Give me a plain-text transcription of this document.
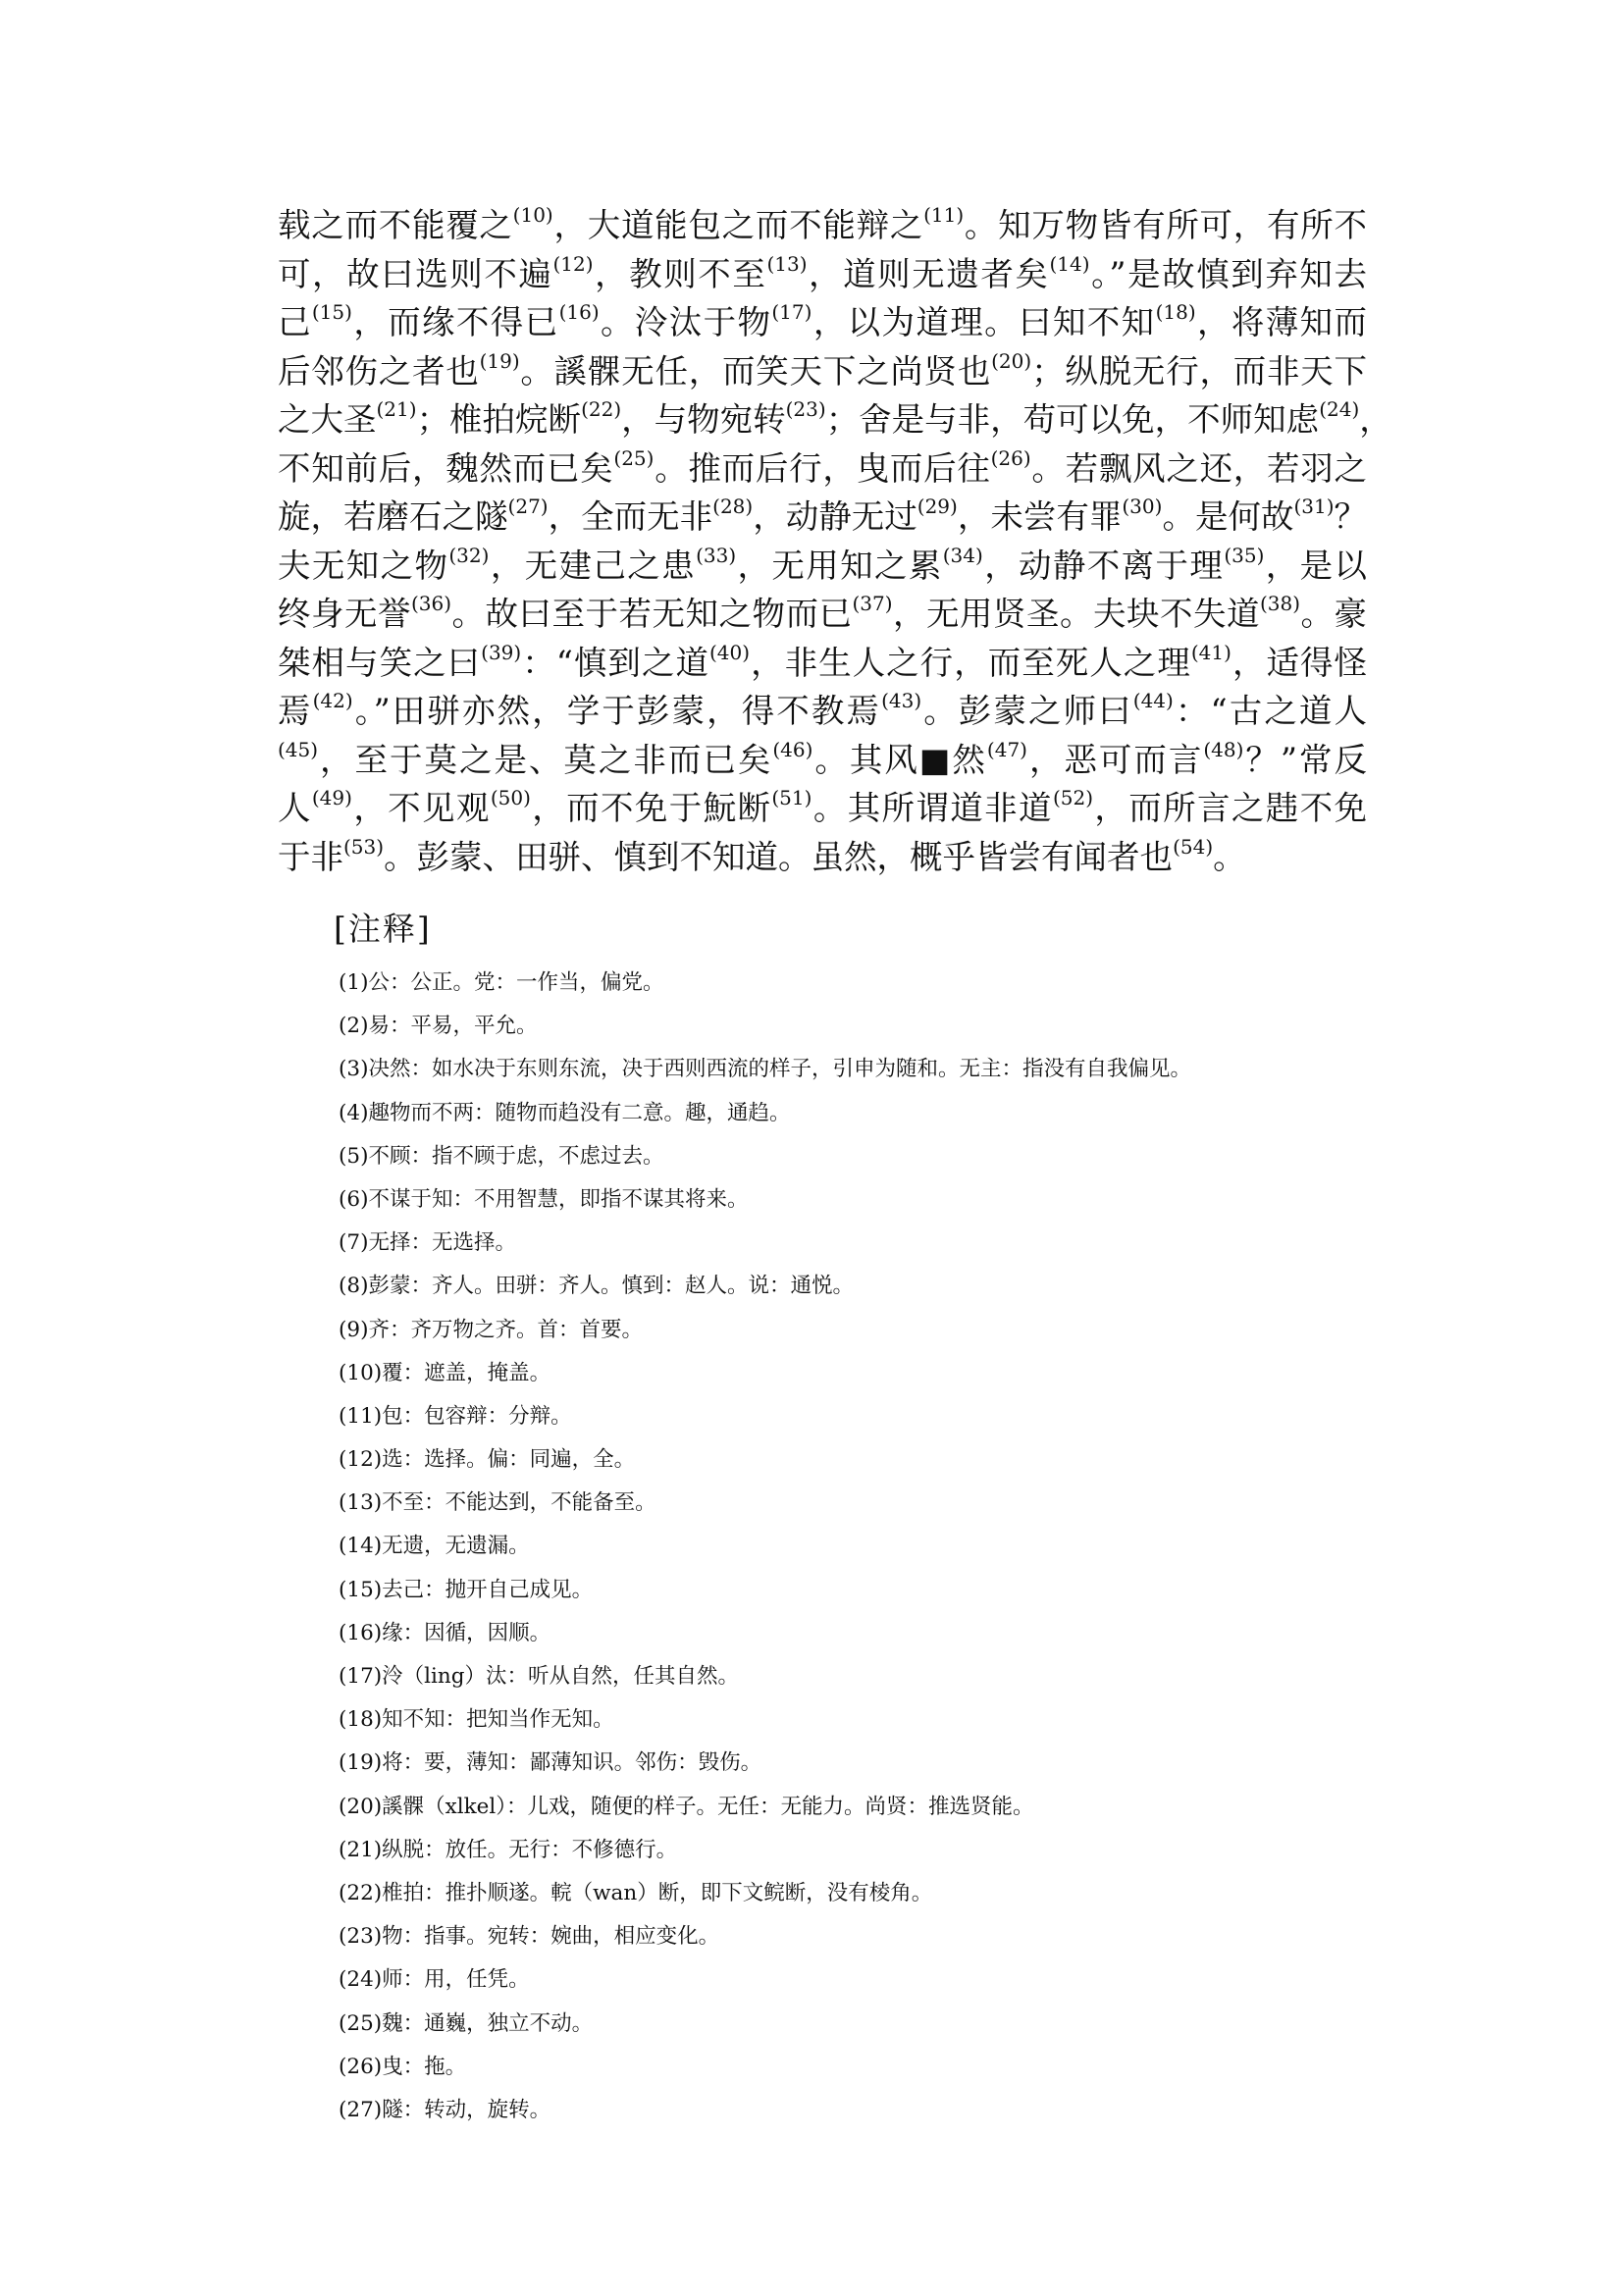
载之而不能覆之$^{(10)}$，大道能包之而不能辩之$^{(11)}$。知万物皆有所可，有所不
可，故曰选则不遍$^{(12)}$，教则不至$^{(13)}$，道则无遗者矣$^{(14)}$。”是故慎到弃知去
己$^{(15)}$，而缘不得已$^{(16)}$。泠汰于物$^{(17)}$，以为道理。曰知不知$^{(18)}$，将薄知而
后邻伤之者也$^{(19)}$。謑髁无任，而笑天下之尚贤也$^{(20)}$；纵脱无行，而非天下
之大圣$^{(21)}$；椎拍烷断$^{(22)}$，与物宛转$^{(23)}$；舍是与非，苟可以免，不师知虑$^{(24)}$，
不知前后，魏然而已矣$^{(25)}$。推而后行，曳而后往$^{(26)}$。若飘风之还，若羽之
旋，若磨石之隧$^{(27)}$，全而无非$^{(28)}$，动静无过$^{(29)}$，未尝有罪$^{(30)}$。是何故$^{(31)}$？
夫无知之物$^{(32)}$，无建己之患$^{(33)}$，无用知之累$^{(34)}$，动静不离于理$^{(35)}$，是以
终身无誉$^{(36)}$。故曰至于若无知之物而已$^{(37)}$，无用贤圣。夫块不失道$^{(38)}$。豪
桀相与笑之曰$^{(39)}$：“慎到之道$^{(40)}$，非生人之行，而至死人之理$^{(41)}$，适得怪
焉$^{(42)}$。”田骈亦然，学于彭蒙，得不教焉$^{(43)}$。彭蒙之师曰$^{(44)}$：“古之道人
$^{(45)}$，至于莫之是、莫之非而已矣$^{(46)}$。其风■然$^{(47)}$，恶可而言$^{(48)}$？”常反
人$^{(49)}$，不见观$^{(50)}$，而不免于魭断$^{(51)}$。其所谓道非道$^{(52)}$，而所言之韪不免
于非$^{(53)}$。彭蒙、田骈、慎到不知道。虽然，概乎皆尝有闻者也$^{(54)}$。
[注释]
(1)公：公正。党：一作当，偏党。
(2)易：平易，平允。
(3)决然：如水决于东则东流，决于西则西流的样子，引申为随和。无主：指没有自我偏见。
(4)趣物而不两：随物而趋没有二意。趣，通趋。
(5)不顾：指不顾于虑，不虑过去。
(6)不谋于知：不用智慧，即指不谋其将来。
(7)无择：无选择。
(8)彭蒙：齐人。田骈：齐人。慎到：赵人。说：通悦。
(9)齐：齐万物之齐。首：首要。
(10)覆：遮盖，掩盖。
(11)包：包容辩：分辩。
(12)选：选择。偏：同遍，全。
(13)不至：不能达到，不能备至。
(14)无遗，无遗漏。
(15)去己：抛开自己成见。
(16)缘：因循，因顺。
(17)泠（ling）汰：听从自然，任其自然。
(18)知不知：把知当作无知。
(19)将：要，薄知：鄙薄知识。邻伤：毁伤。
(20)謑髁（xlkel）：儿戏，随便的样子。无任：无能力。尚贤：推选贤能。
(21)纵脱：放任。无行：不修德行。
(22)椎拍：推扑顺遂。輐（wan）断，即下文鲩断，没有棱角。
(23)物：指事。宛转：婉曲，相应变化。
(24)师：用，任凭。
(25)魏：通巍，独立不动。
(26)曳：拖。
(27)隧：转动，旋转。
